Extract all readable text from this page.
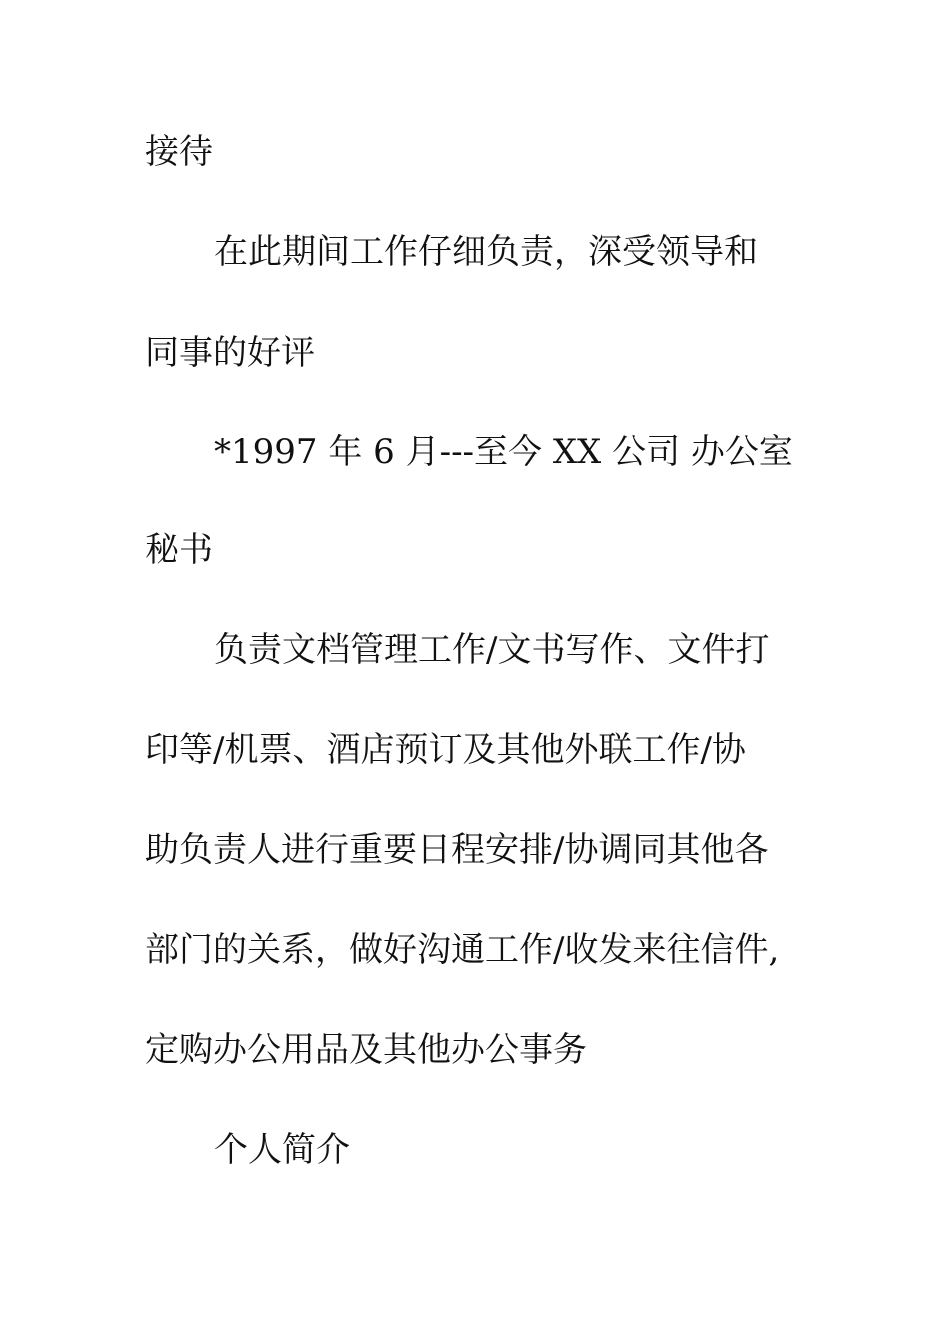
接待

在此期间工作仔细负责，深受领导和

同事的好评

*1997 年 6 月---至今 XX 公司 办公室

秘书

负责文档管理工作/文书写作、文件打

印等/机票、酒店预订及其他外联工作/协

助负责人进行重要日程安排/协调同其他各

部门的关系，做好沟通工作/收发来往信件,

定购办公用品及其他办公事务

个人简介
